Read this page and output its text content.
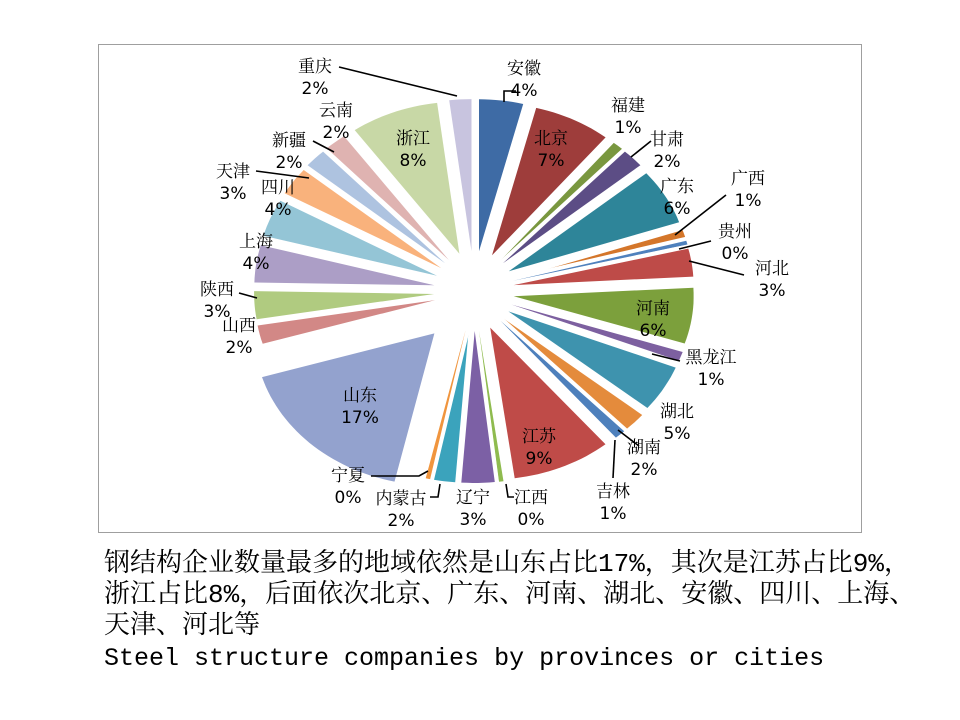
安徽
4%
北京
7%
福建
1%
甘肃
2%
广东
6%
广西
1%
贵州
0%
河北
3%
河南
6%
黑龙江
1%
湖北
5%
湖南
2%
吉林
1%
江苏
9%
江西
0%
辽宁
3%
内蒙古
2%
宁夏
0%
山东
17%
山西
2%
陕西
3%
上海
4%
四川
4%
天津
3%
新疆
2%
云南
2%	浙江
8%
重庆
2%
钢结构企业数量最多的地域依然是山东占比17%，其次是江苏占比9%，
浙江占比8%，后面依次北京、广东、河南、湖北、安徽、四川、上海、
天津、河北等
Steel structure companies by provinces or cities
